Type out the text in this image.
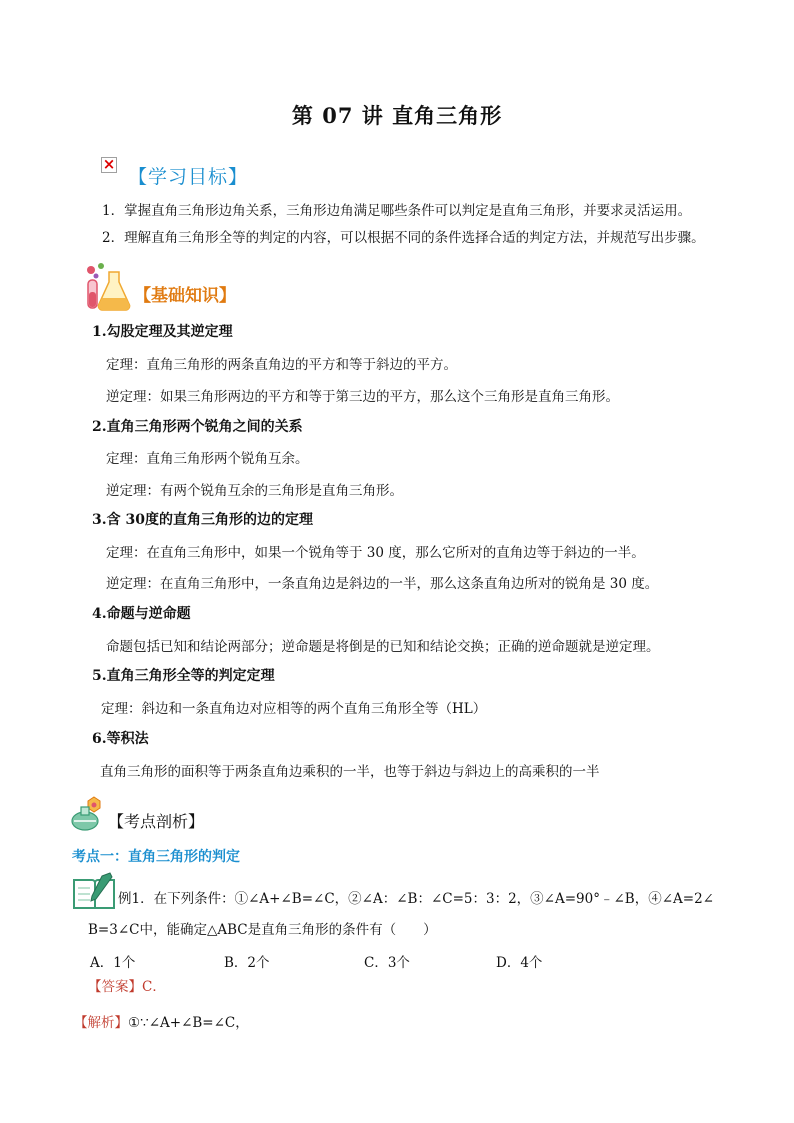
第 07 讲 直角三角形
×
【学习目标】
1．掌握直角三角形边角关系，三角形边角满足哪些条件可以判定是直角三角形，并要求灵活运用。
2．理解直角三角形全等的判定的内容，可以根据不同的条件选择合适的判定方法，并规范写出步骤。
【基础知识】
1.勾股定理及其逆定理
定理：直角三角形的两条直角边的平方和等于斜边的平方。
逆定理：如果三角形两边的平方和等于第三边的平方，那么这个三角形是直角三角形。
2.直角三角形两个锐角之间的关系
定理：直角三角形两个锐角互余。
逆定理：有两个锐角互余的三角形是直角三角形。
3.含 30度的直角三角形的边的定理
定理：在直角三角形中，如果一个锐角等于 30 度，那么它所对的直角边等于斜边的一半。
逆定理：在直角三角形中，一条直角边是斜边的一半，那么这条直角边所对的锐角是 30 度。
4.命题与逆命题
命题包括已知和结论两部分；逆命题是将倒是的已知和结论交换；正确的逆命题就是逆定理。
5.直角三角形全等的判定定理
定理：斜边和一条直角边对应相等的两个直角三角形全等（HL）
6.等积法
直角三角形的面积等于两条直角边乘积的一半，也等于斜边与斜边上的高乘积的一半
【考点剖析】
考点一：直角三角形的判定
例1．在下列条件：①∠A+∠B=∠C，②∠A：∠B：∠C=5：3：2，③∠A=90°﹣∠B，④∠A=2∠
B=3∠C中，能确定△ABC是直角三角形的条件有（　　）
A．1个	B．2个	C．3个	D．4个
【答案】 C．
【解析】 ①∵∠A+∠B=∠C，
